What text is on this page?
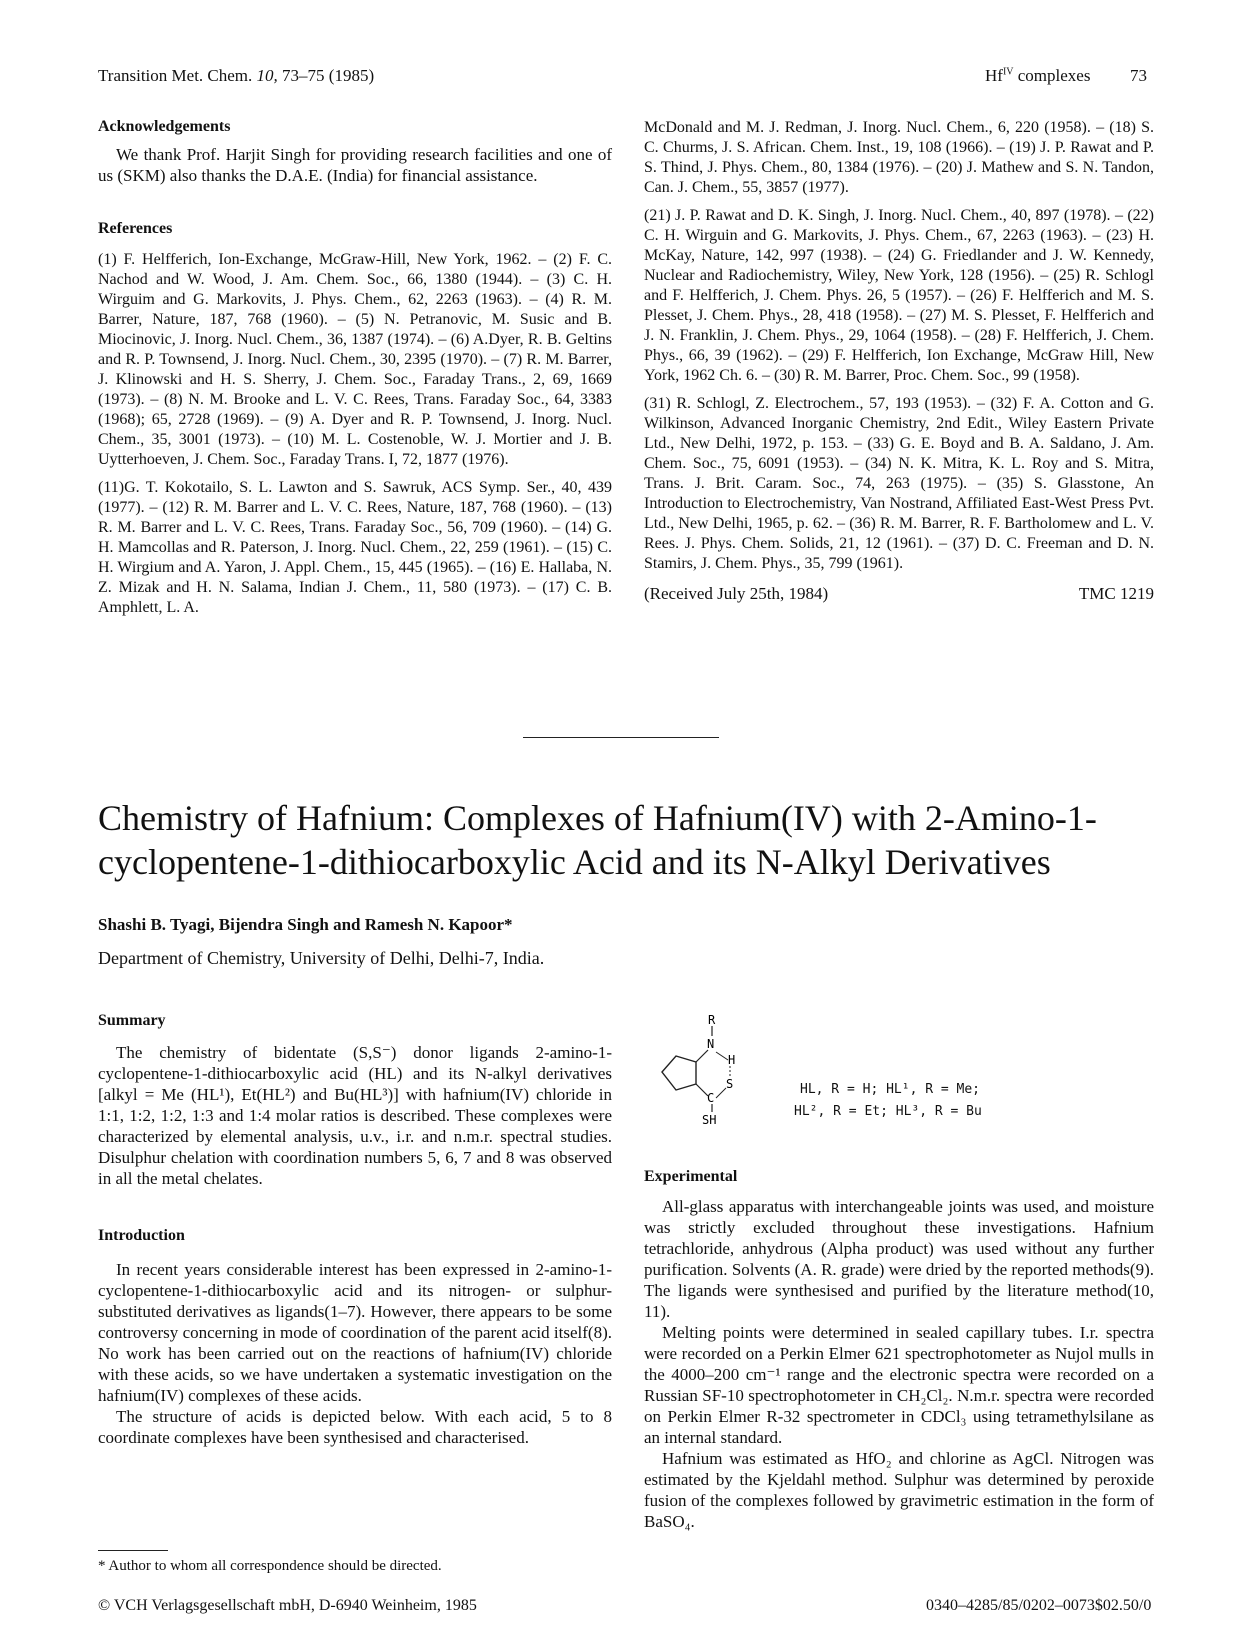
Transition Met. Chem. 10, 73–75 (1985)	$Hf^{IV}$ complexes 73
Acknowledgements

We thank Prof. Harjit Singh for providing research facilities and one of us (SKM) also thanks the D.A.E. (India) for financial assistance.

References

(1) F. Helfferich, Ion-Exchange, McGraw-Hill, New York, 1962. – (2) F. C. Nachod and W. Wood, J. Am. Chem. Soc., 66, 1380 (1944). – (3) C. H. Wirguim and G. Markovits, J. Phys. Chem., 62, 2263 (1963). – (4) R. M. Barrer, Nature, 187, 768 (1960). – (5) N. Petranovic, M. Susic and B. Miocinovic, J. Inorg. Nucl. Chem., 36, 1387 (1974). – (6) A.Dyer, R. B. Geltins and R. P. Townsend, J. Inorg. Nucl. Chem., 30, 2395 (1970). – (7) R. M. Barrer, J. Klinowski and H. S. Sherry, J. Chem. Soc., Faraday Trans., 2, 69, 1669 (1973). – (8) N. M. Brooke and L. V. C. Rees, Trans. Faraday Soc., 64, 3383 (1968); 65, 2728 (1969). – (9) A. Dyer and R. P. Townsend, J. Inorg. Nucl. Chem., 35, 3001 (1973). – (10) M. L. Costenoble, W. J. Mortier and J. B. Uytterhoeven, J. Chem. Soc., Faraday Trans. I, 72, 1877 (1976).

(11)G. T. Kokotailo, S. L. Lawton and S. Sawruk, ACS Symp. Ser., 40, 439 (1977). – (12) R. M. Barrer and L. V. C. Rees, Nature, 187, 768 (1960). – (13) R. M. Barrer and L. V. C. Rees, Trans. Faraday Soc., 56, 709 (1960). – (14) G. H. Mamcollas and R. Paterson, J. Inorg. Nucl. Chem., 22, 259 (1961). – (15) C. H. Wirgium and A. Yaron, J. Appl. Chem., 15, 445 (1965). – (16) E. Hallaba, N. Z. Mizak and H. N. Salama, Indian J. Chem., 11, 580 (1973). – (17) C. B. Amphlett, L. A.

McDonald and M. J. Redman, J. Inorg. Nucl. Chem., 6, 220 (1958). – (18) S. C. Churms, J. S. African. Chem. Inst., 19, 108 (1966). – (19) J. P. Rawat and P. S. Thind, J. Phys. Chem., 80, 1384 (1976). – (20) J. Mathew and S. N. Tandon, Can. J. Chem., 55, 3857 (1977).

(21) J. P. Rawat and D. K. Singh, J. Inorg. Nucl. Chem., 40, 897 (1978). – (22) C. H. Wirguin and G. Markovits, J. Phys. Chem., 67, 2263 (1963). – (23) H. McKay, Nature, 142, 997 (1938). – (24) G. Friedlander and J. W. Kennedy, Nuclear and Radiochemistry, Wiley, New York, 128 (1956). – (25) R. Schlogl and F. Helfferich, J. Chem. Phys. 26, 5 (1957). – (26) F. Helfferich and M. S. Plesset, J. Chem. Phys., 28, 418 (1958). – (27) M. S. Plesset, F. Helfferich and J. N. Franklin, J. Chem. Phys., 29, 1064 (1958). – (28) F. Helfferich, J. Chem. Phys., 66, 39 (1962). – (29) F. Helfferich, Ion Exchange, McGraw Hill, New York, 1962 Ch. 6. – (30) R. M. Barrer, Proc. Chem. Soc., 99 (1958).

(31) R. Schlogl, Z. Electrochem., 57, 193 (1953). – (32) F. A. Cotton and G. Wilkinson, Advanced Inorganic Chemistry, 2nd Edit., Wiley Eastern Private Ltd., New Delhi, 1972, p. 153. – (33) G. E. Boyd and B. A. Saldano, J. Am. Chem. Soc., 75, 6091 (1953). – (34) N. K. Mitra, K. L. Roy and S. Mitra, Trans. J. Brit. Caram. Soc., 74, 263 (1975). – (35) S. Glasstone, An Introduction to Electrochemistry, Van Nostrand, Affiliated East-West Press Pvt. Ltd., New Delhi, 1965, p. 62. – (36) R. M. Barrer, R. F. Bartholomew and L. V. Rees. J. Phys. Chem. Solids, 21, 12 (1961). – (37) D. C. Freeman and D. N. Stamirs, J. Chem. Phys., 35, 799 (1961).

(Received July 25th, 1984)	TMC 1219
Chemistry of Hafnium: Complexes of Hafnium(IV) with 2-Amino-1-cyclopentene-1-dithiocarboxylic Acid and its N-Alkyl Derivatives
Shashi B. Tyagi, Bijendra Singh and Ramesh N. Kapoor*
Department of Chemistry, University of Delhi, Delhi-7, India.
Summary

The chemistry of bidentate (S,S⁻) donor ligands 2-amino-1-cyclopentene-1-dithiocarboxylic acid (HL) and its N-alkyl derivatives [alkyl = Me (HL¹), Et(HL²) and Bu(HL³)] with hafnium(IV) chloride in 1:1, 1:2, 1:2, 1:3 and 1:4 molar ratios is described. These complexes were characterized by elemental analysis, u.v., i.r. and n.m.r. spectral studies. Disulphur chelation with coordination numbers 5, 6, 7 and 8 was observed in all the metal chelates.

Introduction

In recent years considerable interest has been expressed in 2-amino-1-cyclopentene-1-dithiocarboxylic acid and its nitrogen- or sulphur-substituted derivatives as ligands(1–7). However, there appears to be some controversy concerning in mode of coordination of the parent acid itself(8). No work has been carried out on the reactions of hafnium(IV) chloride with these acids, so we have undertaken a systematic investigation on the hafnium(IV) complexes of these acids.

The structure of acids is depicted below. With each acid, 5 to 8 coordinate complexes have been synthesised and characterised.

R
N
H
C
S
SH
HL, R = H; HL¹, R = Me;
HL², R = Et; HL³, R = Bu
Experimental

All-glass apparatus with interchangeable joints was used, and moisture was strictly excluded throughout these investigations. Hafnium tetrachloride, anhydrous (Alpha product) was used without any further purification. Solvents (A. R. grade) were dried by the reported methods(9). The ligands were synthesised and purified by the literature method(10, 11).

Melting points were determined in sealed capillary tubes. I.r. spectra were recorded on a Perkin Elmer 621 spectrophotometer as Nujol mulls in the 4000–200 cm⁻¹ range and the electronic spectra were recorded on a Russian SF-10 spectrophotometer in CH₂Cl₂. N.m.r. spectra were recorded on Perkin Elmer R-32 spectrometer in CDCl₃ using tetramethylsilane as an internal standard.

Hafnium was estimated as HfO₂ and chlorine as AgCl. Nitrogen was estimated by the Kjeldahl method. Sulphur was determined by peroxide fusion of the complexes followed by gravimetric estimation in the form of BaSO₄.

* Author to whom all correspondence should be directed.
© VCH Verlagsgesellschaft mbH, D-6940 Weinheim, 1985	0340–4285/85/0202–0073$02.50/0
